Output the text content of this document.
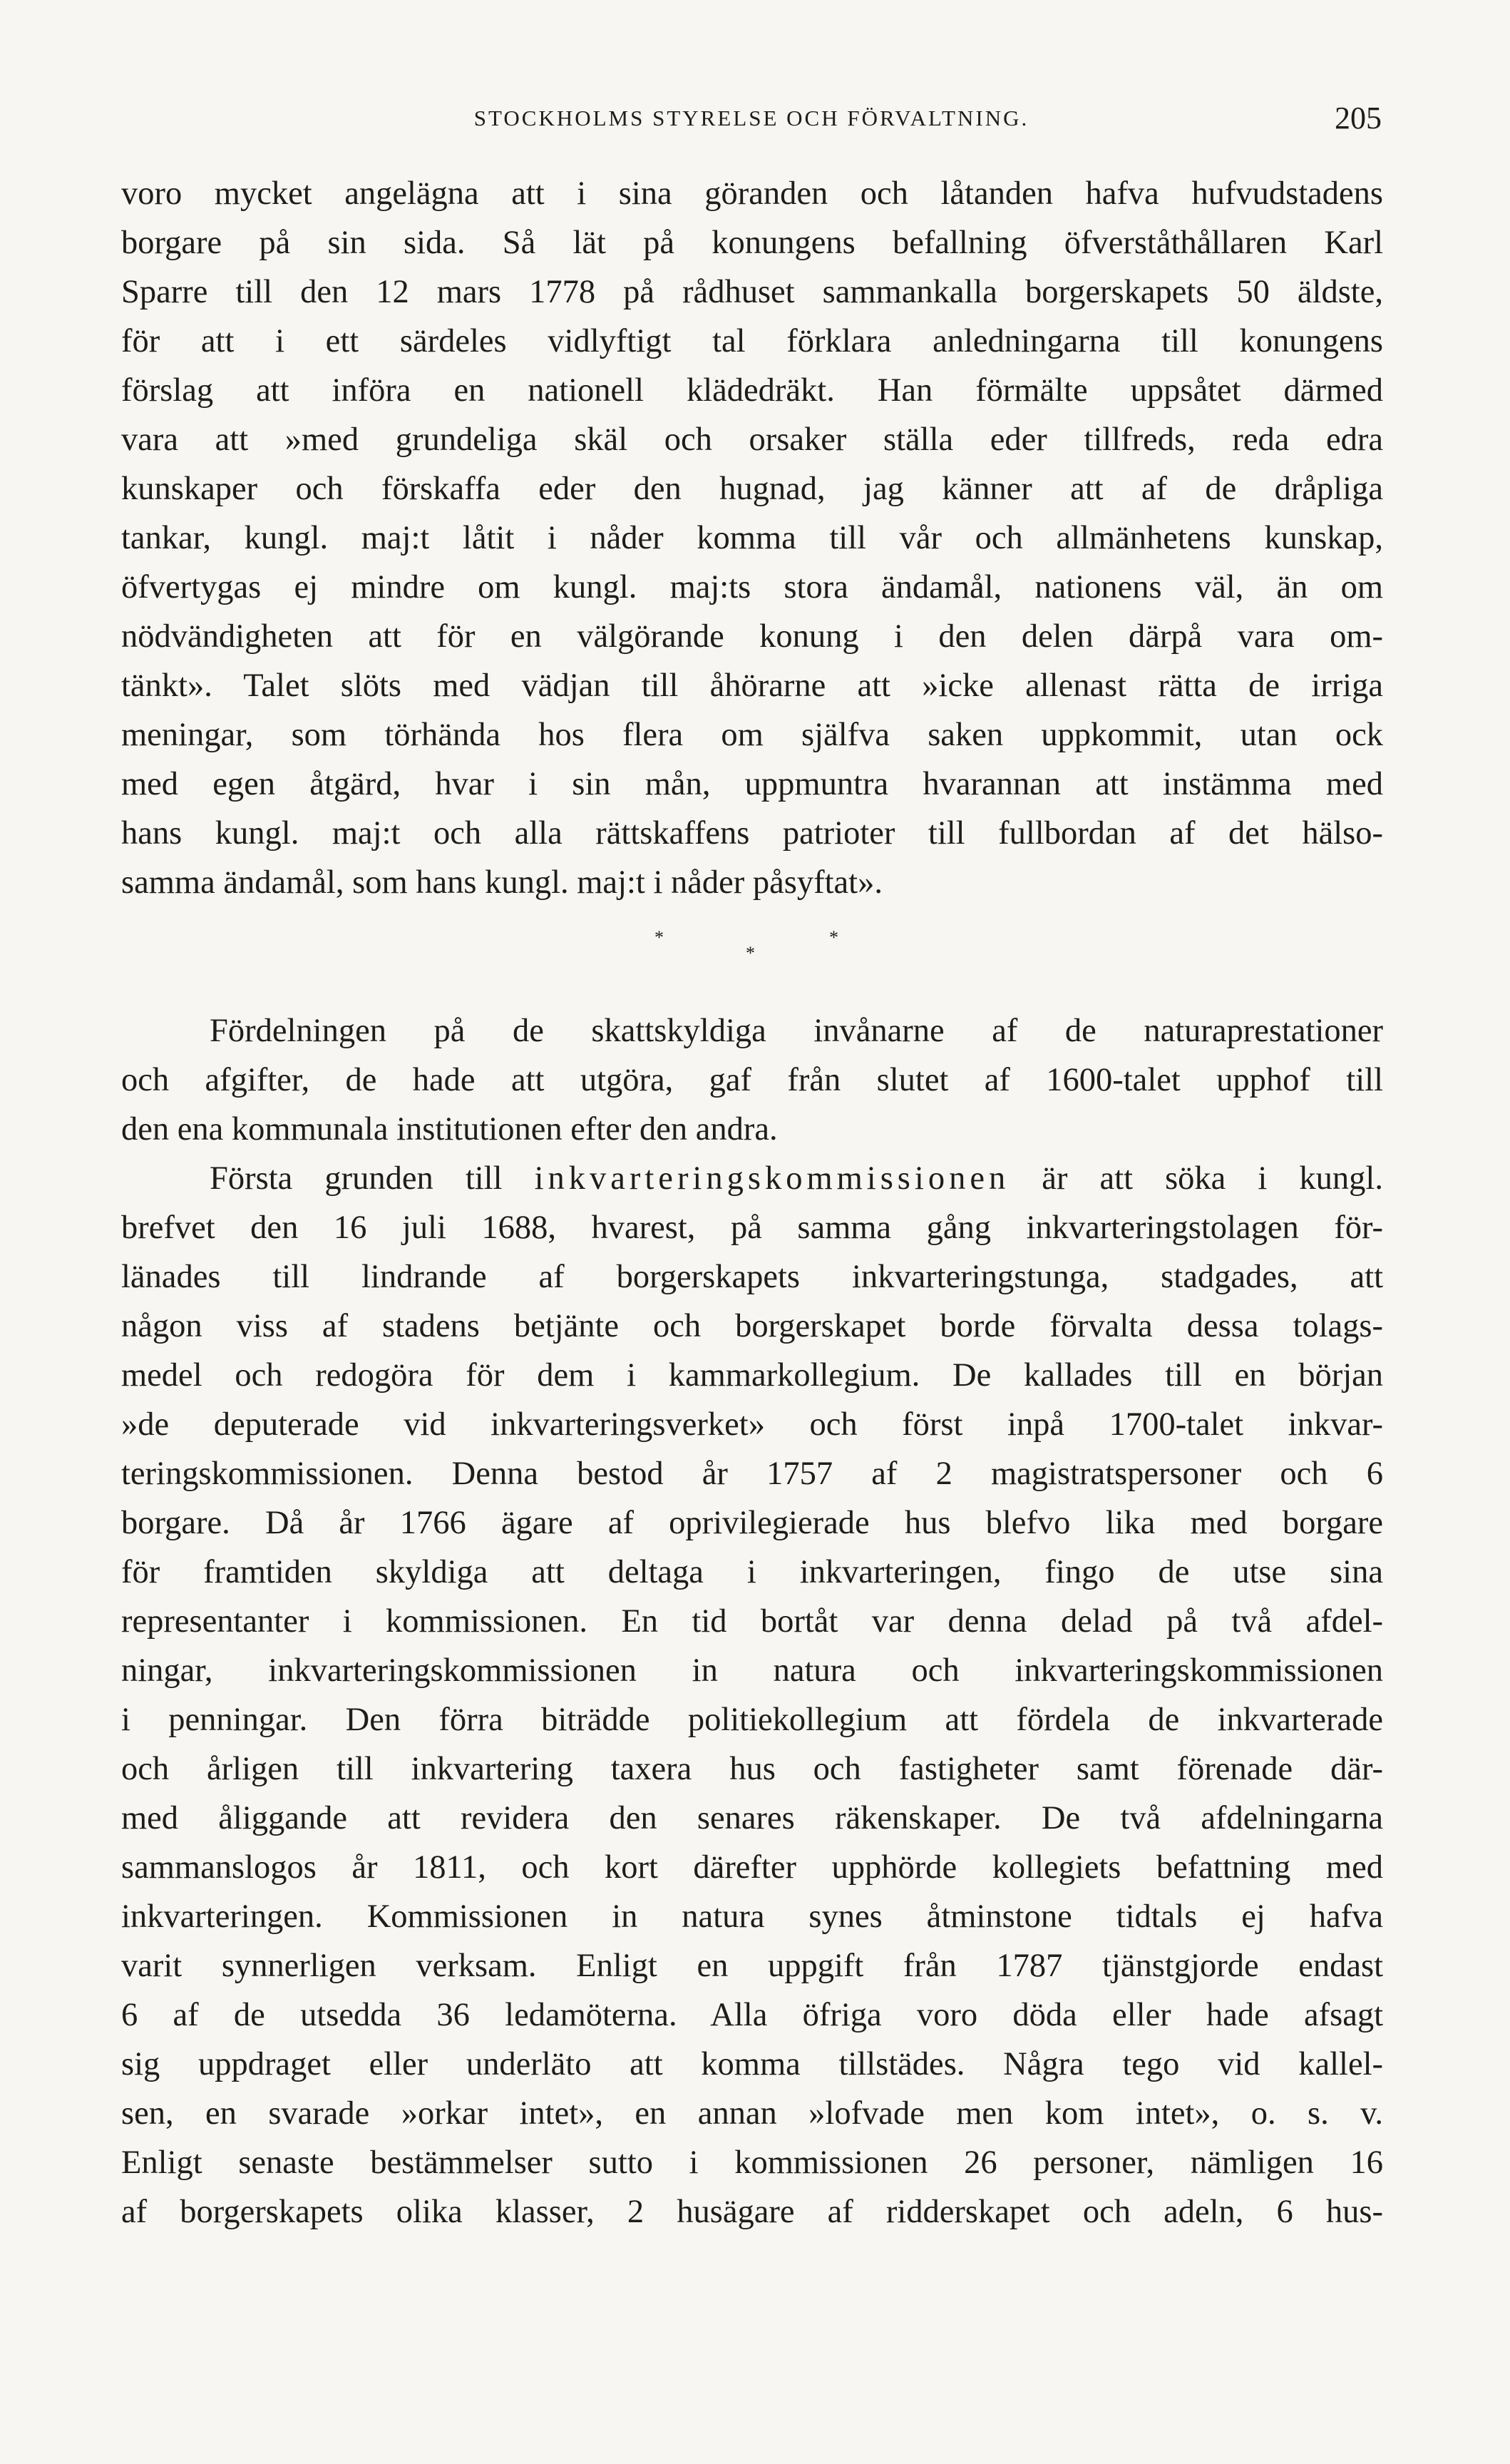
STOCKHOLMS STYRELSE OCH FÖRVALTNING.	205
voro mycket angelägna att i sina göranden och låtanden hafva hufvudstadens
borgare på sin sida. Så lät på konungens befallning öfverståthållaren Karl
Sparre till den 12 mars 1778 på rådhuset sammankalla borgerskapets 50 äldste,
för att i ett särdeles vidlyftigt tal förklara anledningarna till konungens
förslag att införa en nationell klädedräkt. Han förmälte uppsåtet därmed
vara att »med grundeliga skäl och orsaker ställa eder tillfreds, reda edra
kunskaper och förskaffa eder den hugnad, jag känner att af de dråpliga
tankar, kungl. maj:t låtit i nåder komma till vår och allmänhetens kunskap,
öfvertygas ej mindre om kungl. maj:ts stora ändamål, nationens väl, än om
nödvändigheten att för en välgörande konung i den delen därpå vara om-
tänkt». Talet slöts med vädjan till åhörarne att »icke allenast rätta de irriga
meningar, som törhända hos flera om själfva saken uppkommit, utan ock
med egen åtgärd, hvar i sin mån, uppmuntra hvarannan att instämma med
hans kungl. maj:t och alla rättskaffens patrioter till fullbordan af det hälso-
samma ändamål, som hans kungl. maj:t i nåder påsyftat».
*
*
*
Fördelningen på de skattskyldiga invånarne af de naturaprestationer
och afgifter, de hade att utgöra, gaf från slutet af 1600-talet upphof till
den ena kommunala institutionen efter den andra.
Första grunden till inkvarteringskommissionen är att söka i kungl.
brefvet den 16 juli 1688, hvarest, på samma gång inkvarteringstolagen för-
länades till lindrande af borgerskapets inkvarteringstunga, stadgades, att
någon viss af stadens betjänte och borgerskapet borde förvalta dessa tolags-
medel och redogöra för dem i kammarkollegium. De kallades till en början
»de deputerade vid inkvarteringsverket» och först inpå 1700-talet inkvar-
teringskommissionen. Denna bestod år 1757 af 2 magistratspersoner och 6
borgare. Då år 1766 ägare af oprivilegierade hus blefvo lika med borgare
för framtiden skyldiga att deltaga i inkvarteringen, fingo de utse sina
representanter i kommissionen. En tid bortåt var denna delad på två afdel-
ningar, inkvarteringskommissionen in natura och inkvarteringskommissionen
i penningar. Den förra biträdde politiekollegium att fördela de inkvarterade
och årligen till inkvartering taxera hus och fastigheter samt förenade där-
med åliggande att revidera den senares räkenskaper. De två afdelningarna
sammanslogos år 1811, och kort därefter upphörde kollegiets befattning med
inkvarteringen. Kommissionen in natura synes åtminstone tidtals ej hafva
varit synnerligen verksam. Enligt en uppgift från 1787 tjänstgjorde endast
6 af de utsedda 36 ledamöterna. Alla öfriga voro döda eller hade afsagt
sig uppdraget eller underläto att komma tillstädes. Några tego vid kallel-
sen, en svarade »orkar intet», en annan »lofvade men kom intet», o. s. v.
Enligt senaste bestämmelser sutto i kommissionen 26 personer, nämligen 16
af borgerskapets olika klasser, 2 husägare af ridderskapet och adeln, 6 hus-
